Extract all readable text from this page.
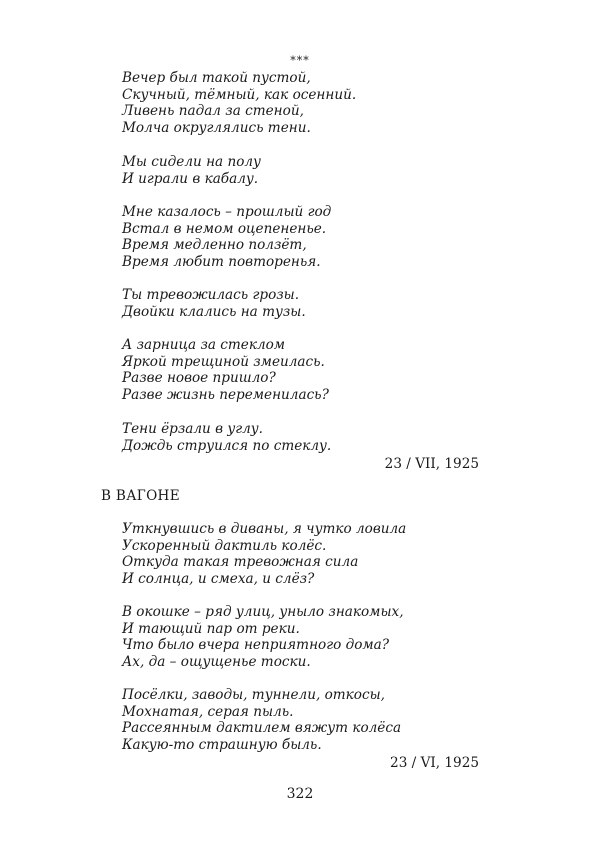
***

Вечер был такой пустой,

Скучный, тёмный, как осенний.

Ливень падал за стеной,

Молча округлялись тени.

Мы сидели на полу

И играли в кабалу.

Мне казалось – прошлый год

Встал в немом оцепененье.

Время медленно ползёт,

Время любит повторенья.

Ты тревожилась грозы.

Двойки клались на тузы.

А зарница за стеклом

Яркой трещиной змеилась.

Разве новое пришло?

Разве жизнь переменилась?

Тени ёрзали в углу.

Дождь струился по стеклу.

23 / VII, 1925
В ВАГОНЕ

Уткнувшись в диваны, я чутко ловила

Ускоренный дактиль колёс.

Откуда такая тревожная сила

И солнца, и смеха, и слёз?

В окошке – ряд улиц, уныло знакомых,

И тающий пар от реки.

Что было вчера неприятного дома?

Ах, да – ощущенье тоски.

Посёлки, заводы, туннели, откосы,

Мохнатая, серая пыль.

Рассеянным дактилем вяжут колёса

Какую-то страшную быль.

23 / VI, 1925
322
